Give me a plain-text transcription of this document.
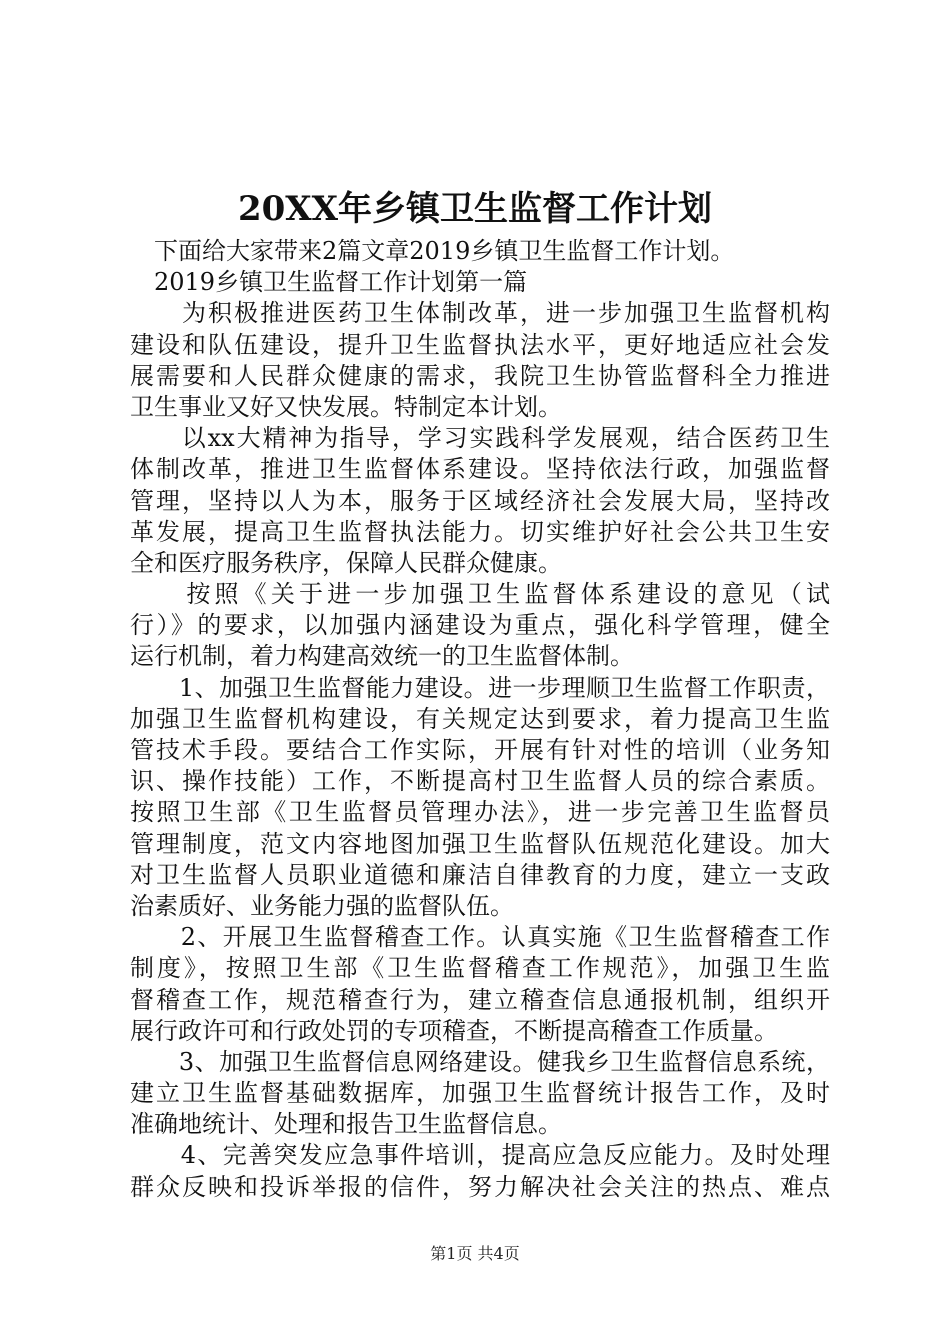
20XX年乡镇卫生监督工作计划
　下面给大家带来2篇文章2019乡镇卫生监督工作计划。
　2019乡镇卫生监督工作计划第一篇
　　为积极推进医药卫生体制改革，进一步加强卫生监督机构
建设和队伍建设，提升卫生监督执法水平，更好地适应社会发
展需要和人民群众健康的需求，我院卫生协管监督科全力推进
卫生事业又好又快发展。特制定本计划。
　　以xx大精神为指导，学习实践科学发展观，结合医药卫生
体制改革，推进卫生监督体系建设。坚持依法行政，加强监督
管理，坚持以人为本，服务于区域经济社会发展大局，坚持改
革发展，提高卫生监督执法能力。切实维护好社会公共卫生安
全和医疗服务秩序，保障人民群众健康。
　　按照《关于进一步加强卫生监督体系建设的意见（试
行）》的要求，以加强内涵建设为重点，强化科学管理，健全
运行机制，着力构建高效统一的卫生监督体制。
　　1、加强卫生监督能力建设。进一步理顺卫生监督工作职责，
加强卫生监督机构建设，有关规定达到要求，着力提高卫生监
管技术手段。要结合工作实际，开展有针对性的培训（业务知
识、操作技能）工作，不断提高村卫生监督人员的综合素质。
按照卫生部《卫生监督员管理办法》，进一步完善卫生监督员
管理制度，范文内容地图加强卫生监督队伍规范化建设。加大
对卫生监督人员职业道德和廉洁自律教育的力度，建立一支政
治素质好、业务能力强的监督队伍。
　　2、开展卫生监督稽查工作。认真实施《卫生监督稽查工作
制度》，按照卫生部《卫生监督稽查工作规范》，加强卫生监
督稽查工作，规范稽查行为，建立稽查信息通报机制，组织开
展行政许可和行政处罚的专项稽查，不断提高稽查工作质量。
　　3、加强卫生监督信息网络建设。健我乡卫生监督信息系统，
建立卫生监督基础数据库，加强卫生监督统计报告工作，及时
准确地统计、处理和报告卫生监督信息。
　　4、完善突发应急事件培训，提高应急反应能力。及时处理
群众反映和投诉举报的信件，努力解决社会关注的热点、难点
第1页 共4页
